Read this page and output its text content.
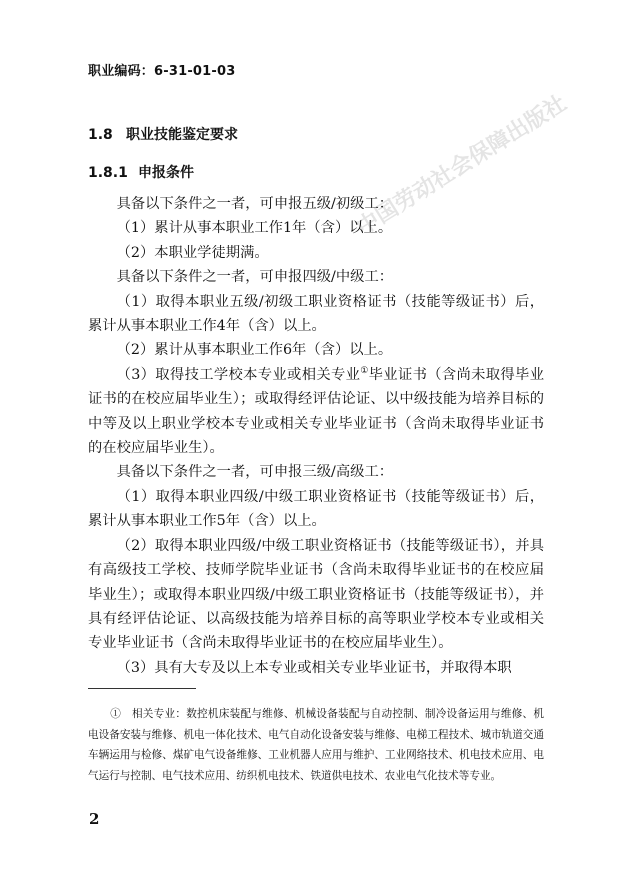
中国劳动社会保障出版社
职业编码：6-31-01-03
1.8 职业技能鉴定要求
1.8.1 申报条件

具备以下条件之一者，可申报五级/初级工：

（1）累计从事本职业工作1年（含）以上。

（2）本职业学徒期满。

具备以下条件之一者，可申报四级/中级工：

（1）取得本职业五级/初级工职业资格证书（技能等级证书）后，累计从事本职业工作4年（含）以上。

（2）累计从事本职业工作6年（含）以上。

（3）取得技工学校本专业或相关专业①毕业证书（含尚未取得毕业证书的在校应届毕业生）；或取得经评估论证、以中级技能为培养目标的中等及以上职业学校本专业或相关专业毕业证书（含尚未取得毕业证书的在校应届毕业生）。

具备以下条件之一者，可申报三级/高级工：

（1）取得本职业四级/中级工职业资格证书（技能等级证书）后，累计从事本职业工作5年（含）以上。

（2）取得本职业四级/中级工职业资格证书（技能等级证书），并具有高级技工学校、技师学院毕业证书（含尚未取得毕业证书的在校应届毕业生）；或取得本职业四级/中级工职业资格证书（技能等级证书），并具有经评估论证、以高级技能为培养目标的高等职业学校本专业或相关专业毕业证书（含尚未取得毕业证书的在校应届毕业生）。

（3）具有大专及以上本专业或相关专业毕业证书，并取得本职

①　相关专业：数控机床装配与维修、机械设备装配与自动控制、制冷设备运用与维修、机电设备安装与维修、机电一体化技术、电气自动化设备安装与维修、电梯工程技术、城市轨道交通车辆运用与检修、煤矿电气设备维修、工业机器人应用与维护、工业网络技术、机电技术应用、电气运行与控制、电气技术应用、纺织机电技术、铁道供电技术、农业电气化技术等专业。

2
